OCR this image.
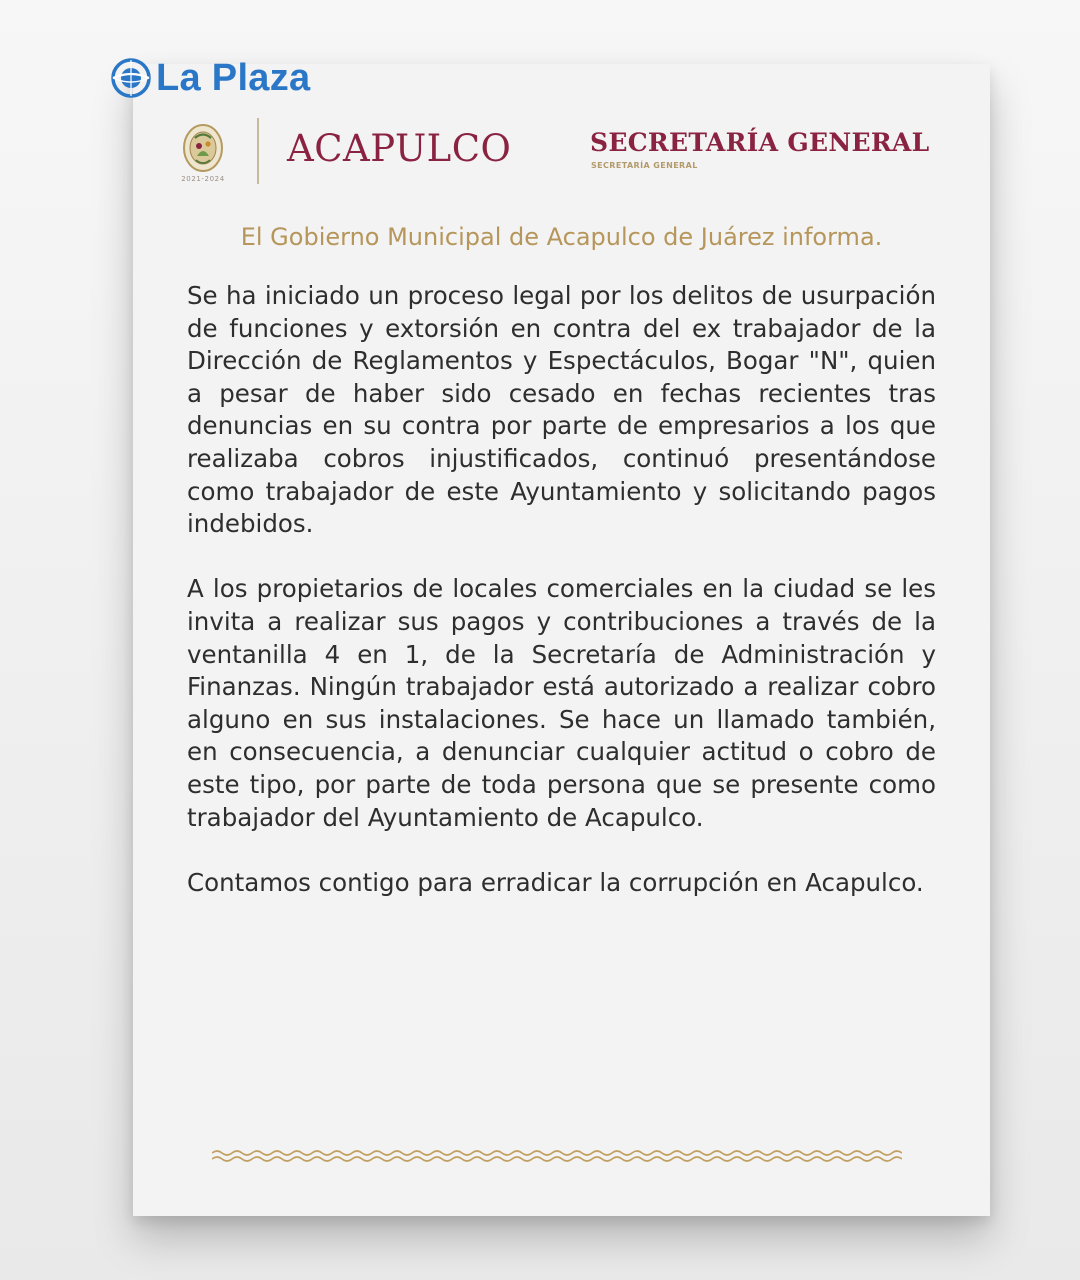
La Plaza
2021-2024
ACAPULCO	SECRETARÍA GENERAL
SECRETARÍA GENERAL
El Gobierno Municipal de Acapulco de Juárez informa.

Se ha iniciado un proceso legal por los delitos de usurpación de funciones y extorsión en contra del ex trabajador de la Dirección de Reglamentos y Espectáculos, Bogar "N", quien a pesar de haber sido cesado en fechas recientes tras denuncias en su contra por parte de empresarios a los que realizaba cobros injustificados, continuó presentándose como trabajador de este Ayuntamiento y solicitando pagos indebidos.

A los propietarios de locales comerciales en la ciudad se les invita a realizar sus pagos y contribuciones a través de la ventanilla 4 en 1, de la Secretaría de Administración y Finanzas. Ningún trabajador está autorizado a realizar cobro alguno en sus instalaciones. Se hace un llamado también, en consecuencia, a denunciar cualquier actitud o cobro de este tipo, por parte de toda persona que se presente como trabajador del Ayuntamiento de Acapulco.

Contamos contigo para erradicar la corrupción en Acapulco.
